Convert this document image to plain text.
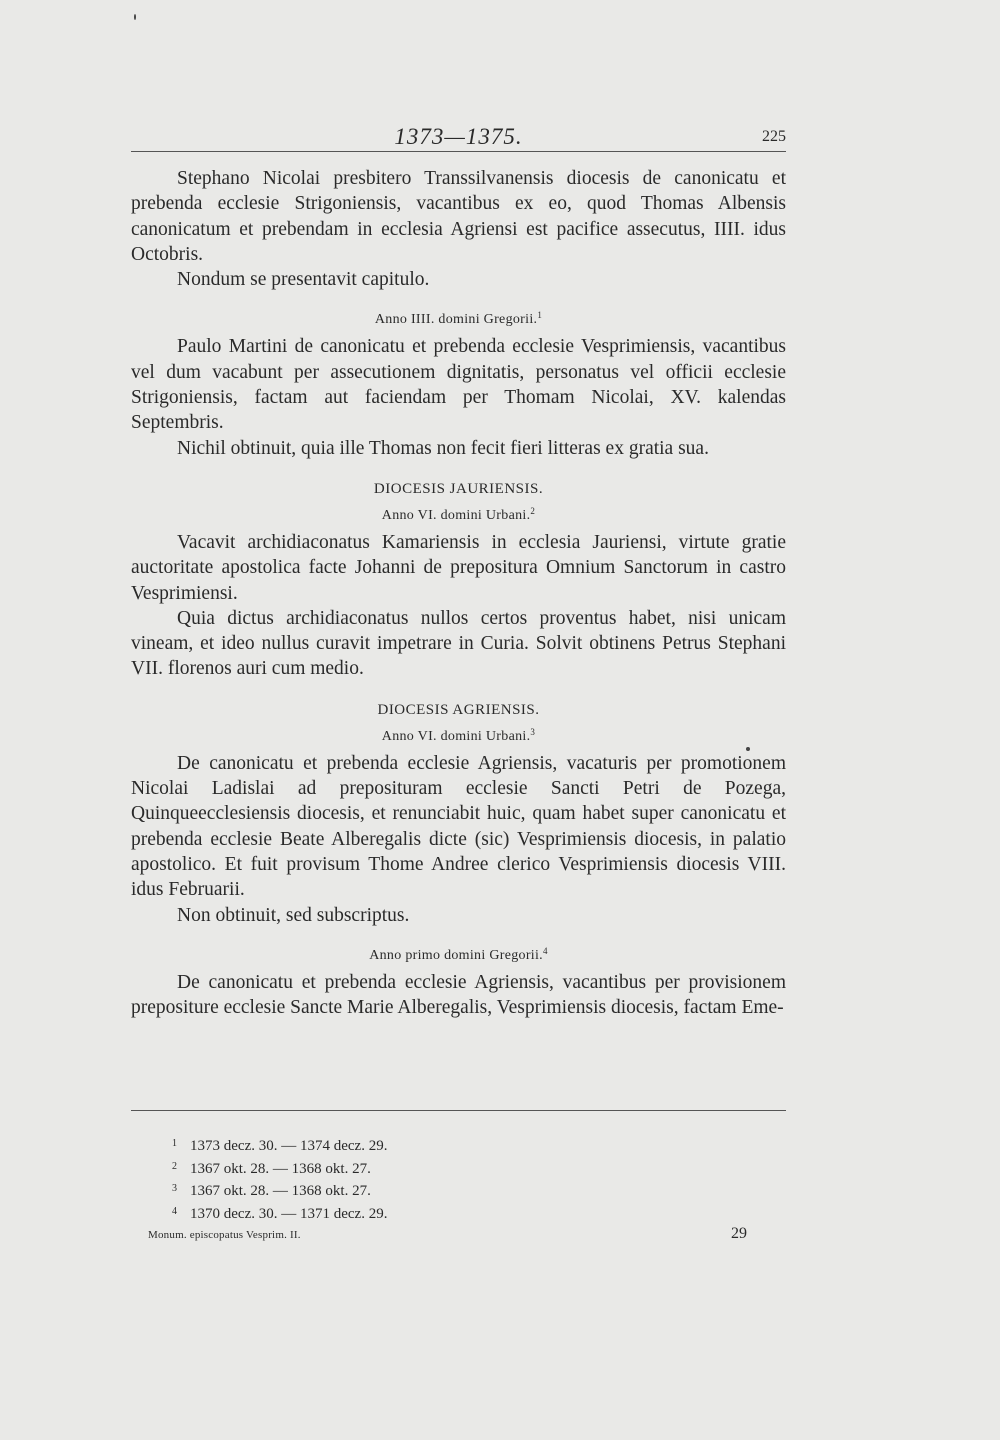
1373—1375.	225

Stephano Nicolai presbitero Transsilvanensis diocesis de canonicatu et prebenda ecclesie Strigoniensis, vacantibus ex eo, quod Thomas Albensis canonicatum et prebendam in ecclesia Agriensi est pacifice assecutus, IIII. idus Octobris.

Nondum se presentavit capitulo.

Anno IIII. domini Gregorii.$^1$

Paulo Martini de canonicatu et prebenda ecclesie Vesprimiensis, vacantibus vel dum vacabunt per assecutionem dignitatis, personatus vel officii ecclesie Strigoniensis, factam aut faciendam per Thomam Nicolai, XV. kalendas Septembris.

Nichil obtinuit, quia ille Thomas non fecit fieri litteras ex gratia sua.

DIOCESIS JAURIENSIS.

Anno VI. domini Urbani.$^2$

Vacavit archidiaconatus Kamariensis in ecclesia Jauriensi, virtute gratie auctoritate apostolica facte Johanni de prepositura Omnium Sanctorum in castro Vesprimiensi.

Quia dictus archidiaconatus nullos certos proventus habet, nisi unicam vineam, et ideo nullus curavit impetrare in Curia. Solvit obtinens Petrus Stephani VII. florenos auri cum medio.

DIOCESIS AGRIENSIS.

Anno VI. domini Urbani.$^3$

De canonicatu et prebenda ecclesie Agriensis, vacaturis per promotionem Nicolai Ladislai ad preposituram ecclesie Sancti Petri de Pozega, Quinqueecclesiensis diocesis, et renunciabit huic, quam habet super canonicatu et prebenda ecclesie Beate Alberegalis dicte (sic) Vesprimiensis diocesis, in palatio apostolico. Et fuit provisum Thome Andree clerico Vesprimiensis diocesis VIII. idus Februarii.

Non obtinuit, sed subscriptus.

Anno primo domini Gregorii.$^4$

De canonicatu et prebenda ecclesie Agriensis, vacantibus per provisionem prepositure ecclesie Sancte Marie Alberegalis, Vesprimiensis diocesis, factam Eme-

1 1373 decz. 30. — 1374 decz. 29.
2 1367 okt. 28. — 1368 okt. 27.
3 1367 okt. 28. — 1368 okt. 27.
4 1370 decz. 30. — 1371 decz. 29.
Monum. episcopatus Vesprim. II.	29
